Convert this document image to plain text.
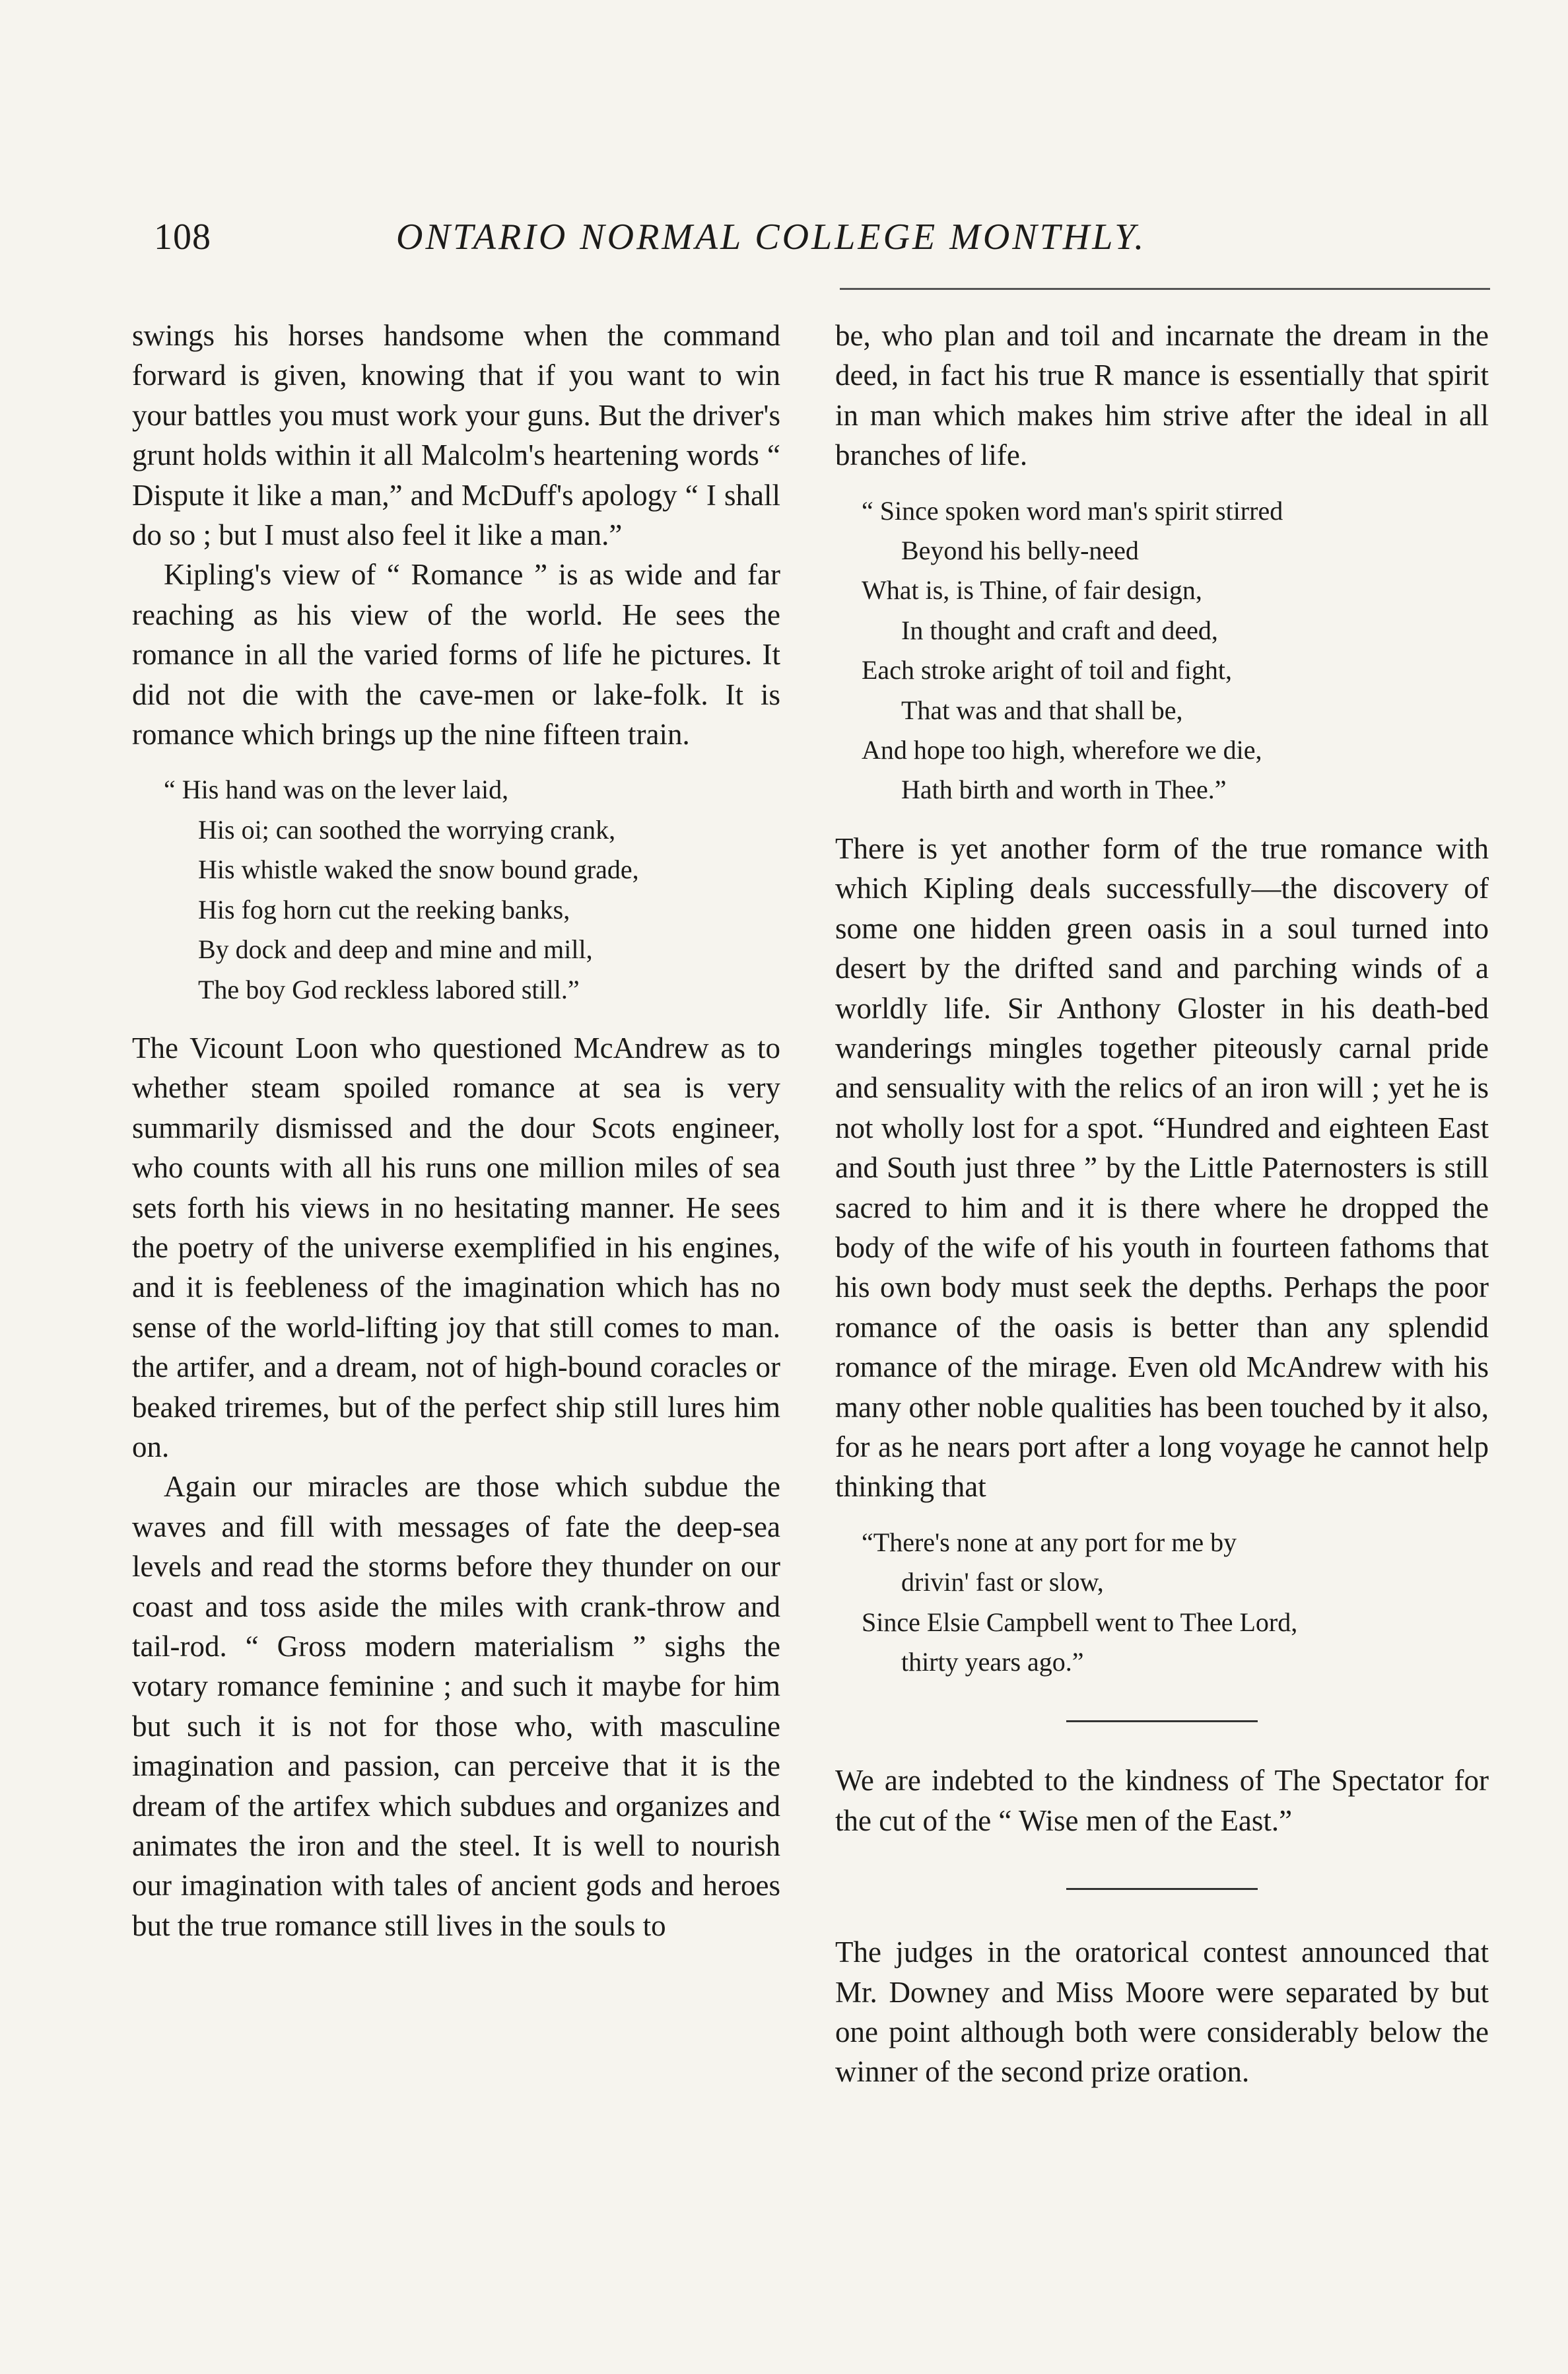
108	ONTARIO NORMAL COLLEGE MONTHLY.

swings his horses handsome when the command forward is given, knowing that if you want to win your battles you must work your guns. But the driver's grunt holds within it all Malcolm's heartening words “ Dispute it like a man,” and McDuff's apology “ I shall do so ; but I must also feel it like a man.”

Kipling's view of “ Romance ” is as wide and far reaching as his view of the world. He sees the romance in all the varied forms of life he pictures. It did not die with the cave-men or lake-folk. It is romance which brings up the nine fifteen train.

“ His hand was on the lever laid,
His oi; can soothed the worrying crank,
His whistle waked the snow bound grade,
His fog horn cut the reeking banks,
By dock and deep and mine and mill,
The boy God reckless labored still.”

The Vicount Loon who questioned McAndrew as to whether steam spoiled romance at sea is very summarily dismissed and the dour Scots engineer, who counts with all his runs one million miles of sea sets forth his views in no hesitating manner. He sees the poetry of the universe exemplified in his engines, and it is feebleness of the imagination which has no sense of the world-lifting joy that still comes to man. the artifer, and a dream, not of high-bound coracles or beaked triremes, but of the perfect ship still lures him on.

Again our miracles are those which subdue the waves and fill with messages of fate the deep-sea levels and read the storms before they thunder on our coast and toss aside the miles with crank-throw and tail-rod. “ Gross modern materialism ” sighs the votary romance feminine ; and such it maybe for him but such it is not for those who, with masculine imagination and passion, can perceive that it is the dream of the artifex which subdues and organizes and animates the iron and the steel. It is well to nourish our imagination with tales of ancient gods and heroes but the true romance still lives in the souls to

be, who plan and toil and incarnate the dream in the deed, in fact his true R mance is essentially that spirit in man which makes him strive after the ideal in all branches of life.

“ Since spoken word man's spirit stirred
Beyond his belly-need
What is, is Thine, of fair design,
In thought and craft and deed,
Each stroke aright of toil and fight,
That was and that shall be,
And hope too high, wherefore we die,
Hath birth and worth in Thee.”

There is yet another form of the true romance with which Kipling deals successfully—the discovery of some one hidden green oasis in a soul turned into desert by the drifted sand and parching winds of a worldly life. Sir Anthony Gloster in his death-bed wanderings mingles together piteously carnal pride and sensuality with the relics of an iron will ; yet he is not wholly lost for a spot. “Hundred and eighteen East and South just three ” by the Little Paternosters is still sacred to him and it is there where he dropped the body of the wife of his youth in fourteen fathoms that his own body must seek the depths. Perhaps the poor romance of the oasis is better than any splendid romance of the mirage. Even old McAndrew with his many other noble qualities has been touched by it also, for as he nears port after a long voyage he cannot help thinking that

“There's none at any port for me by
drivin' fast or slow,
Since Elsie Campbell went to Thee Lord,
thirty years ago.”

We are indebted to the kindness of The Spectator for the cut of the “ Wise men of the East.”

The judges in the oratorical contest announced that Mr. Downey and Miss Moore were separated by but one point although both were considerably below the winner of the second prize oration.
